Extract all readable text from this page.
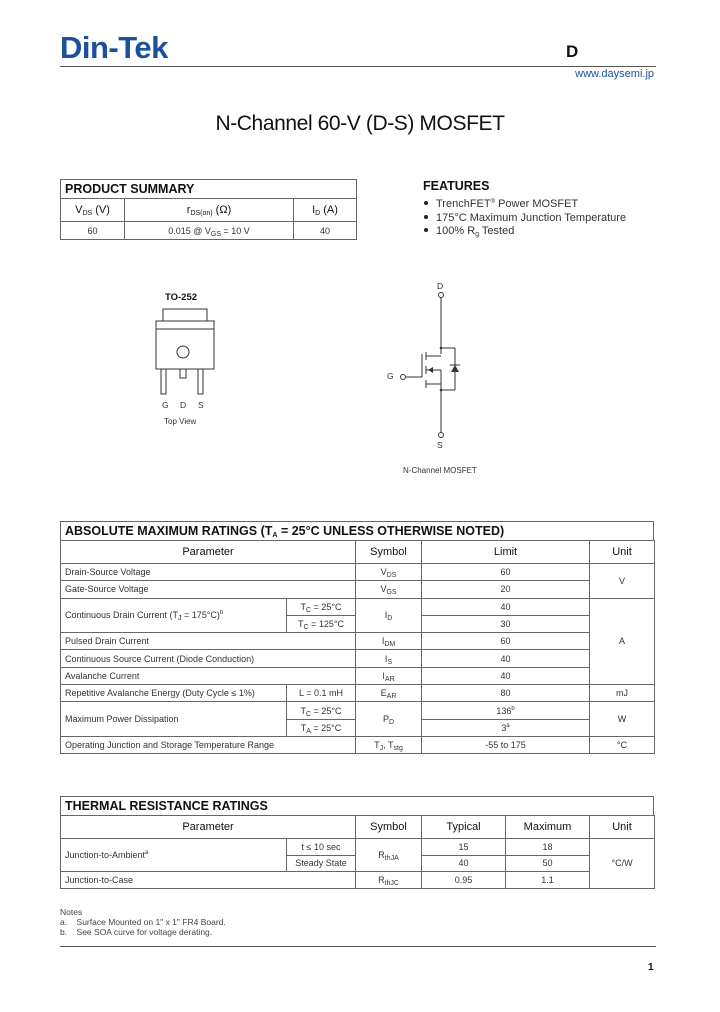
Din-Tek	D
www.daysemi.jp
N-Channel 60-V (D-S) MOSFET
PRODUCT SUMMARY
$V_{DS}$ (V)	$r_{DS(on)}$ (Ω)	$I_D$ (A)
60	0.015 @ $V_{GS} = 10$ V	40
FEATURES
TrenchFET® Power MOSFET
175°C Maximum Junction Temperature
100% $R_g$ Tested
TO-252
G D S
Top View
D
G
S
N-Channel MOSFET
ABSOLUTE MAXIMUM RATINGS ($T_A = 25^\circ C$ UNLESS OTHERWISE NOTED)
Parameter		Symbol	Limit	Unit
Drain-Source Voltage		$V_{DS}$	60	V
Gate-Source Voltage		$V_{GS}$	20	
Continuous Drain Current $(T_J = 175^\circ C)^b$	$T_C = 25^\circ C$	$I_D$	40	A
	$T_C = 125^\circ C$		30	
Pulsed Drain Current		$I_{DM}$	60	
Continuous Source Current (Diode Conduction)		$I_S$	40	
Avalanche Current		$I_{AR}$	40	
Repetitive Avalanche Energy (Duty Cycle ≤ 1%)	L = 0.1 mH	$E_{AR}$	80	mJ
Maximum Power Dissipation	$T_C = 25^\circ C$	$P_D$	136$^b$	W
	$T_A = 25^\circ C$		3$^a$
Operating Junction and Storage Temperature Range		$T_J$, $T_{stg}$	-55 to 175	°C
THERMAL RESISTANCE RATINGS
Parameter		Symbol	Typical	Maximum	Unit
Junction-to-Ambient$^a$	t ≤ 10 sec	$R_{thJA}$	15	18	°C/W
	Steady State		40	50	
Junction-to-Case		$R_{thJC}$	0.95	1.1	
Notes
a.    Surface Mounted on 1" x 1" FR4 Board.
b.    See SOA curve for voltage derating.
1
